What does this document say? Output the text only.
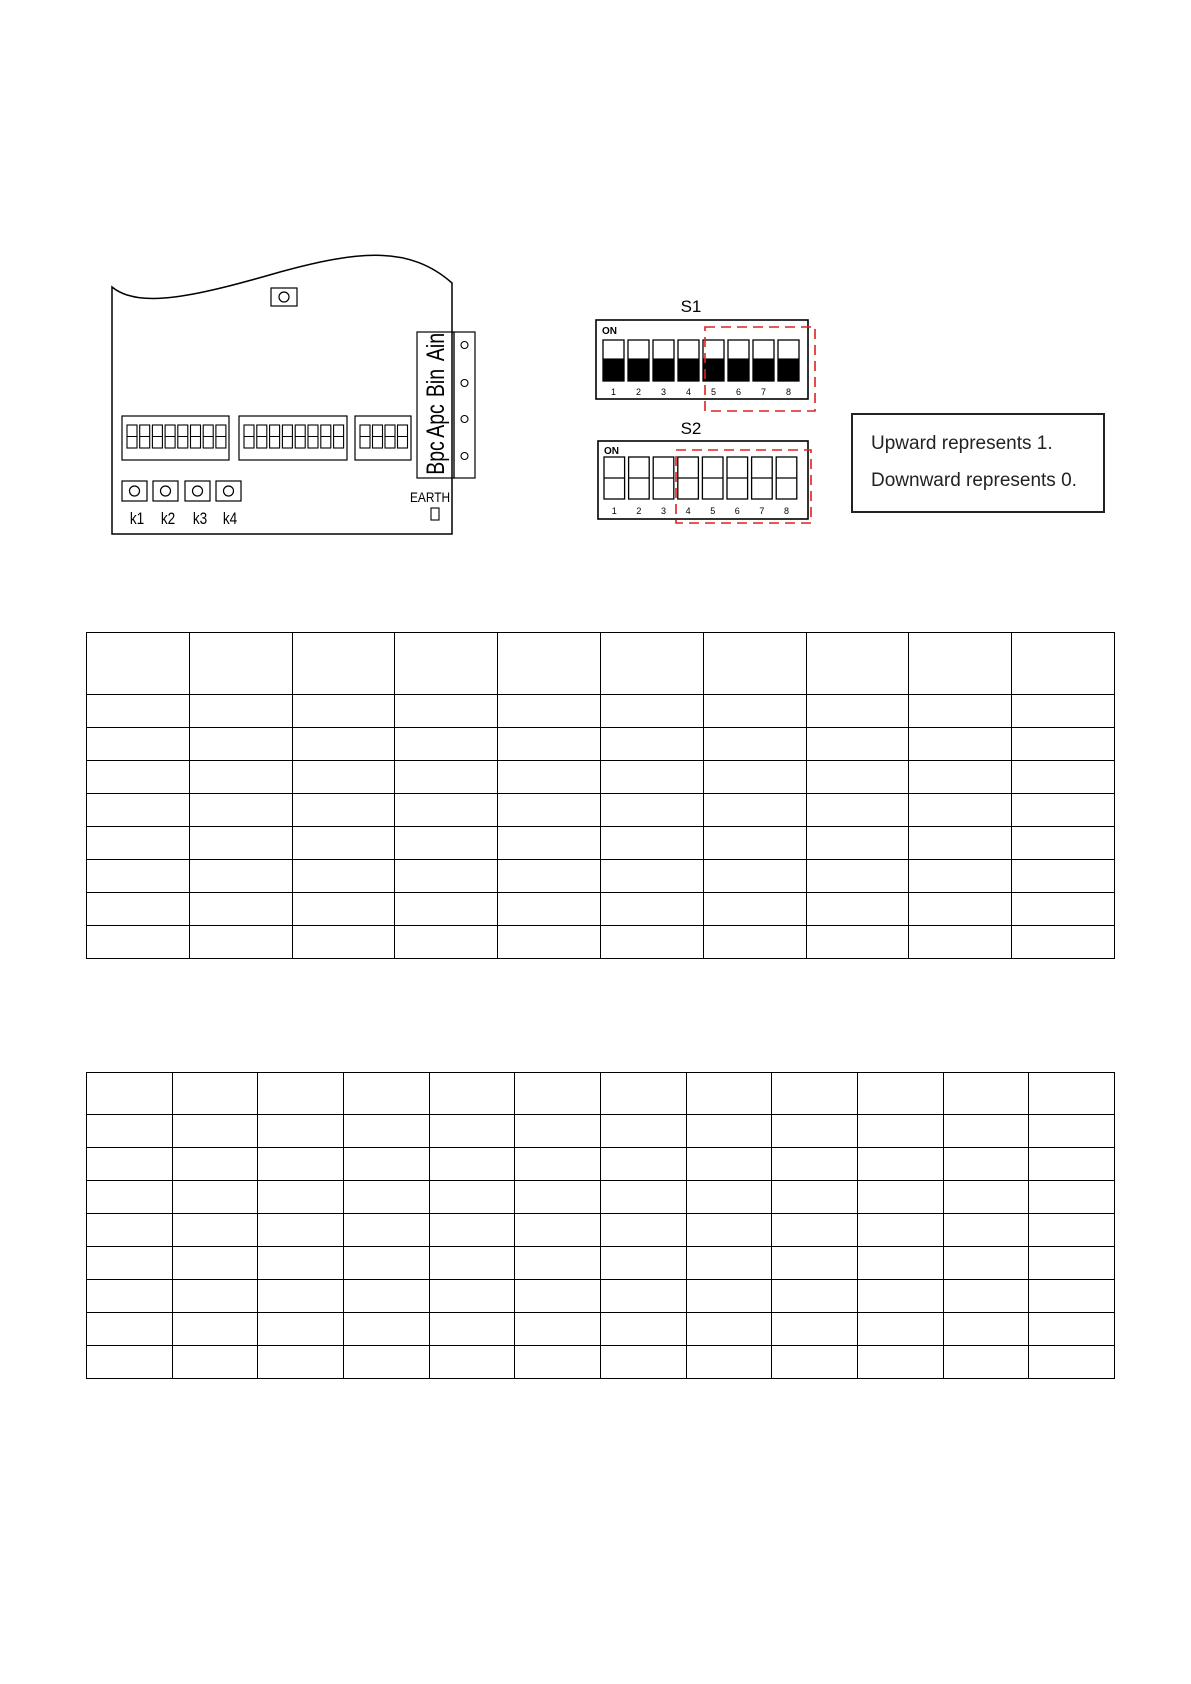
Ain
Bin
Apc
Bpc
k1 k2 k3 k4
EARTH
S1
ON
1 2 3 4 5 6 7 8
S2
ON
1 2 3 4 5 6 7 8
Upward represents 1.
Downward represents 0.
